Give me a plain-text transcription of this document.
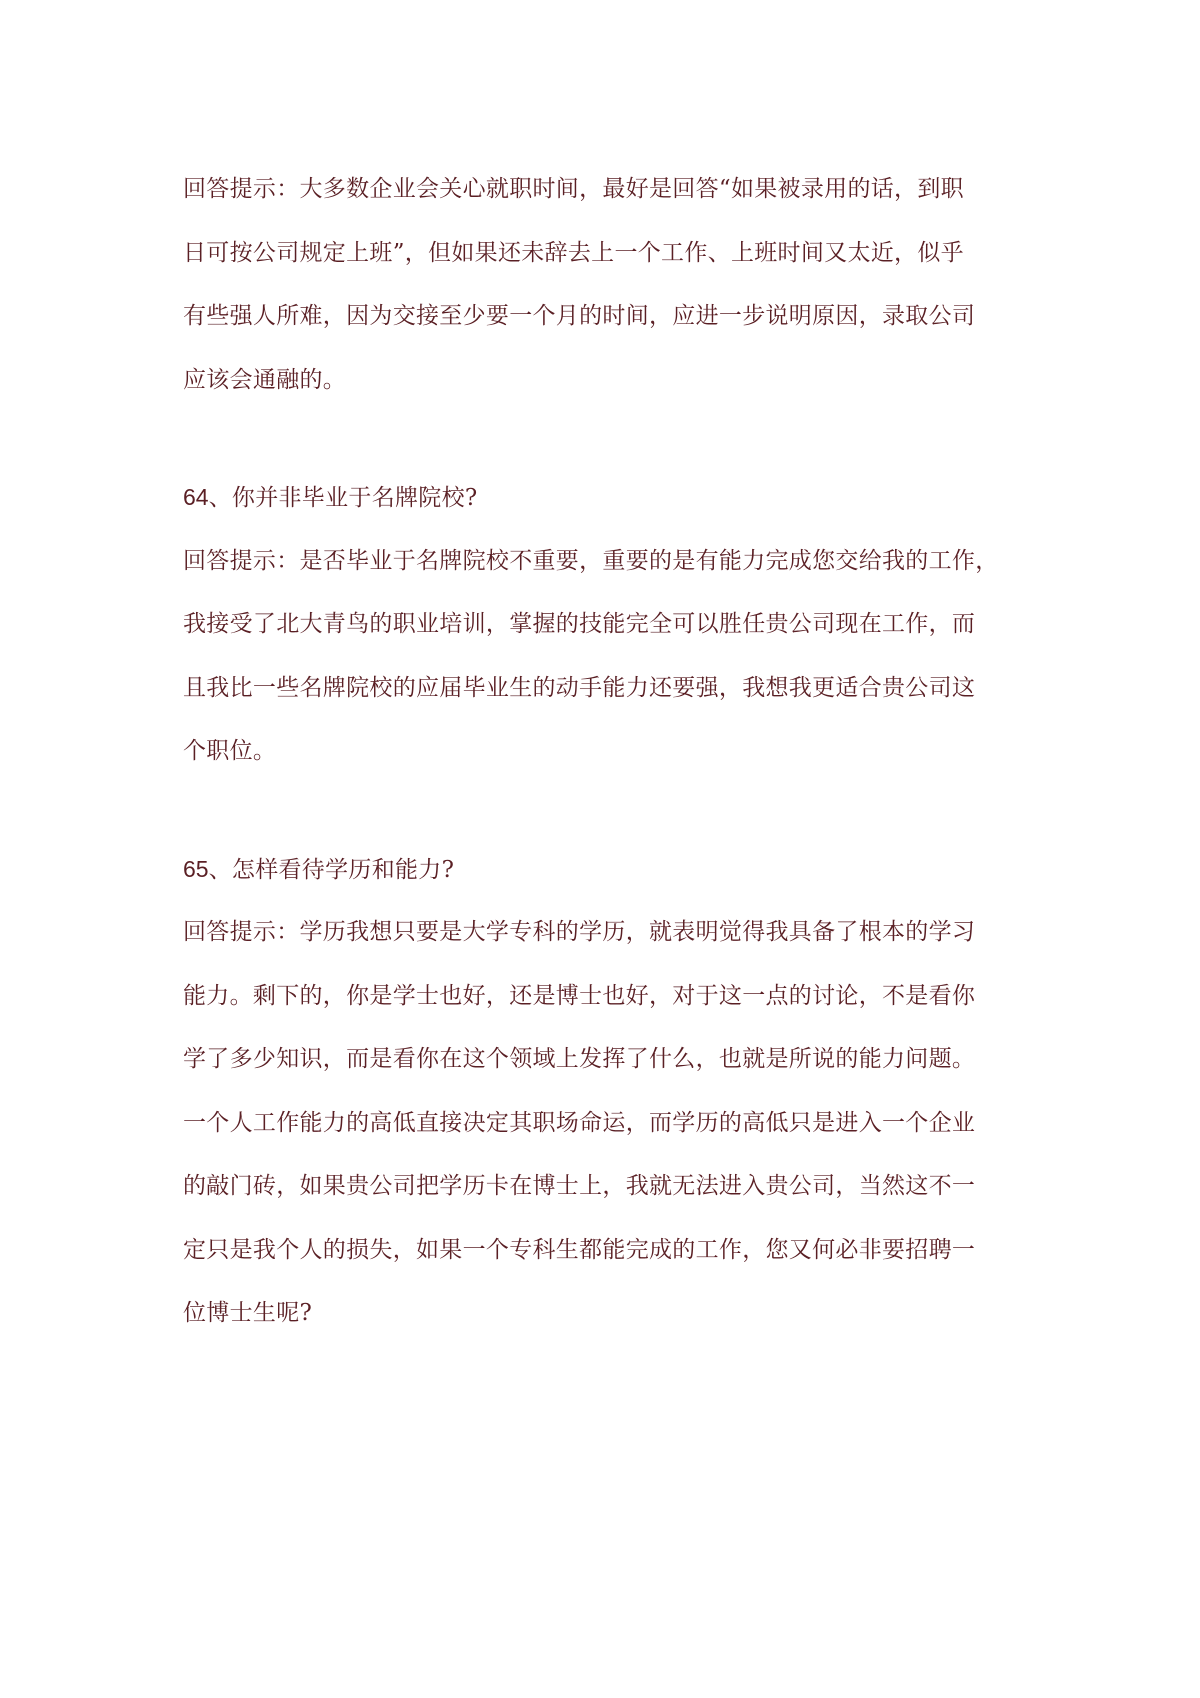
回答提示：大多数企业会关心就职时间，最好是回答“如果被录用的话，到职
日可按公司规定上班”，但如果还未辞去上一个工作、上班时间又太近，似乎
有些强人所难，因为交接至少要一个月的时间，应进一步说明原因，录取公司
应该会通融的。
64、你并非毕业于名牌院校?
回答提示：是否毕业于名牌院校不重要，重要的是有能力完成您交给我的工作，
我接受了北大青鸟的职业培训，掌握的技能完全可以胜任贵公司现在工作，而
且我比一些名牌院校的应届毕业生的动手能力还要强，我想我更适合贵公司这
个职位。
65、怎样看待学历和能力?
回答提示：学历我想只要是大学专科的学历，就表明觉得我具备了根本的学习
能力。剩下的，你是学士也好，还是博士也好，对于这一点的讨论，不是看你
学了多少知识，而是看你在这个领域上发挥了什么，也就是所说的能力问题。
一个人工作能力的高低直接决定其职场命运，而学历的高低只是进入一个企业
的敲门砖，如果贵公司把学历卡在博士上，我就无法进入贵公司，当然这不一
定只是我个人的损失，如果一个专科生都能完成的工作，您又何必非要招聘一
位博士生呢?
